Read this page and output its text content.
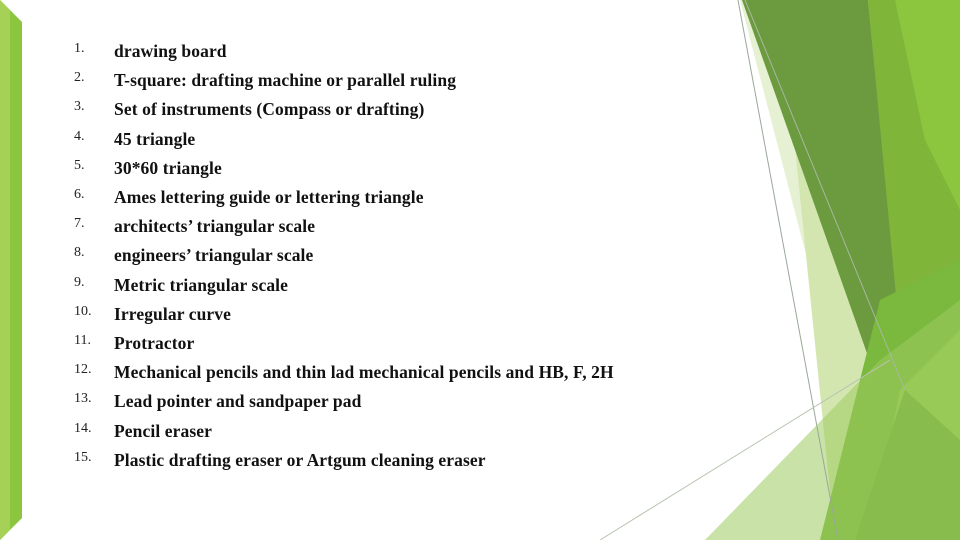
1. drawing board
2. T-square: drafting machine or parallel ruling
3. Set of instruments (Compass or drafting)
4. 45 triangle
5. 30*60 triangle
6. Ames lettering guide or lettering triangle
7. architects’ triangular scale
8. engineers’ triangular scale
9. Metric triangular scale
10. Irregular curve
11. Protractor
12. Mechanical pencils and thin lad mechanical pencils and HB, F, 2H
13. Lead pointer and sandpaper pad
14. Pencil eraser
15. Plastic drafting eraser or Artgum cleaning eraser
